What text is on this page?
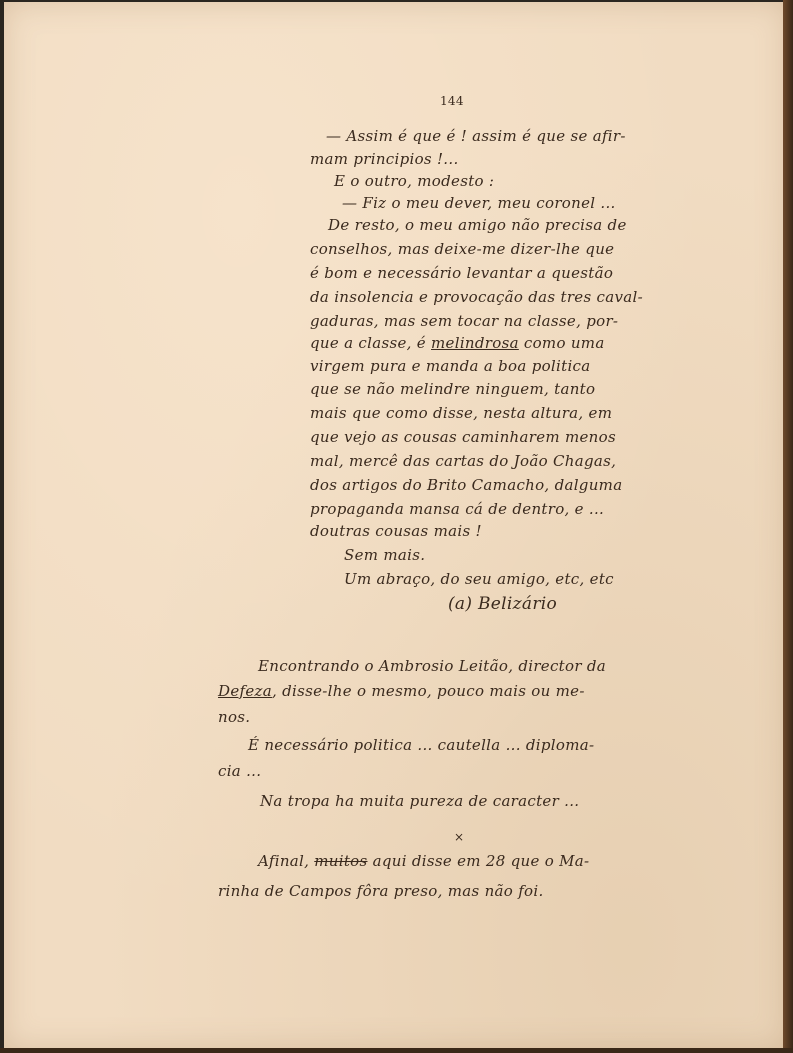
144
— Assim é que é ! assim é que se afir-
mam principios !...
E o outro, modesto :
— Fiz o meu dever, meu coronel ...
De resto, o meu amigo não precisa de
conselhos, mas deixe-me dizer-lhe que
é bom e necessário levantar a questão
da insolencia e provocação das tres caval-
gaduras, mas sem tocar na classe, por-
que a classe, é melindrosa como uma
virgem pura e manda a boa politica
que se não melindre ninguem, tanto
mais que como disse, nesta altura, em
que vejo as cousas caminharem menos
mal, mercê das cartas do João Chagas,
dos artigos do Brito Camacho, dalguma
propaganda mansa cá de dentro, e ...
doutras cousas mais !
Sem mais.
Um abraço, do seu amigo, etc, etc
(a) Belizário
Encontrando o Ambrosio Leitão, director da
Defeza, disse-lhe o mesmo, pouco mais ou me-
nos.
É necessário politica ... cautella ... diploma-
cia ...
Na tropa ha muita pureza de caracter ...
×
Afinal, muitos aqui disse em 28 que o Ma-
rinha de Campos fôra preso, mas não foi.
